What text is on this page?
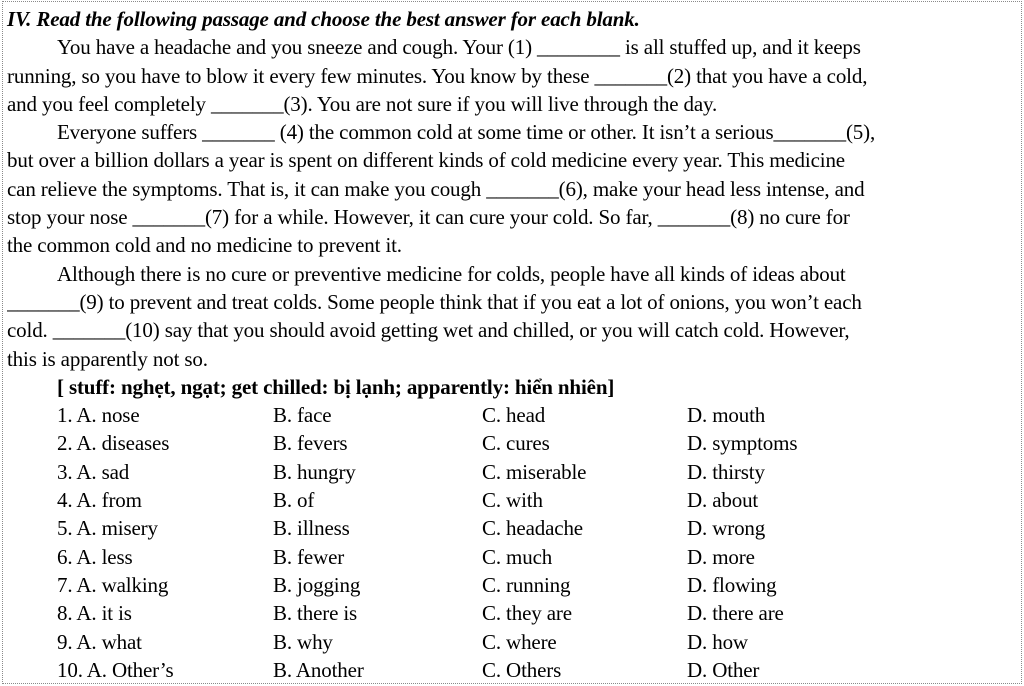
IV. Read the following passage and choose the best answer for each blank.
You have a headache and you sneeze and cough. Your (1) ________ is all stuffed up, and it keeps
running, so you have to blow it every few minutes. You know by these _______(2) that you have a cold,
and you feel completely _______(3). You are not sure if you will live through the day.
Everyone suffers _______ (4) the common cold at some time or other. It isn’t a serious_______(5),
but over a billion dollars a year is spent on different kinds of cold medicine every year. This medicine
can relieve the symptoms. That is, it can make you cough _______(6), make your head less intense, and
stop your nose _______(7) for a while. However, it can cure your cold. So far, _______(8) no cure for
the common cold and no medicine to prevent it.
Although there is no cure or preventive medicine for colds, people have all kinds of ideas about
_______(9) to prevent and treat colds. Some people think that if you eat a lot of onions, you won’t each
cold. _______(10) say that you should avoid getting wet and chilled, or you will catch cold. However,
this is apparently not so.
[ stuff: nghẹt, ngạt; get chilled: bị lạnh; apparently: hiển nhiên]
1. A. nose	B. face	C. head	D. mouth
2. A. diseases	B. fevers	C. cures	D. symptoms
3. A. sad	B. hungry	C. miserable	D. thirsty
4. A. from	B. of	C. with	D. about
5. A. misery	B. illness	C. headache	D. wrong
6. A. less	B. fewer	C. much	D. more
7. A. walking	B. jogging	C. running	D. flowing
8. A. it is	B. there is	C. they are	D. there are
9. A. what	B. why	C. where	D. how
10. A. Other’s	B. Another	C. Others	D. Other
